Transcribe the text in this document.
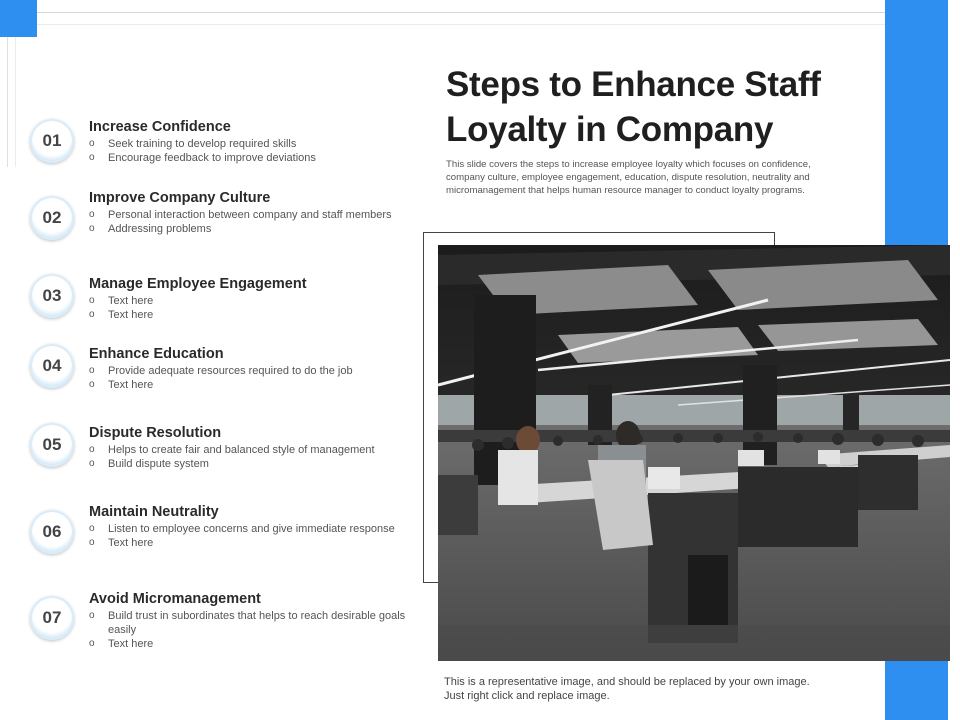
Steps to Enhance Staff Loyalty in Company
This slide covers the steps to increase employee loyalty which focuses on confidence, company culture, employee engagement, education, dispute resolution, neutrality and micromanagement that helps human resource manager to conduct loyalty programs.
01
Increase Confidence
o Seek training to develop required skills
o Encourage feedback to improve deviations
02
Improve Company Culture
o Personal interaction between company and staff members
o Addressing problems
03
Manage Employee Engagement
o Text here
o Text here
04
Enhance Education
o Provide adequate resources required to do the job
o Text here
05
Dispute Resolution
o Helps to create fair and balanced style of management
o Build dispute system
06
Maintain Neutrality
o Listen to employee concerns and give immediate response
o Text here
07
Avoid Micromanagement
o Build trust in subordinates that helps to reach desirable goals easily
o Text here
This is a representative image, and should be replaced by your own image. Just right click and replace image.
